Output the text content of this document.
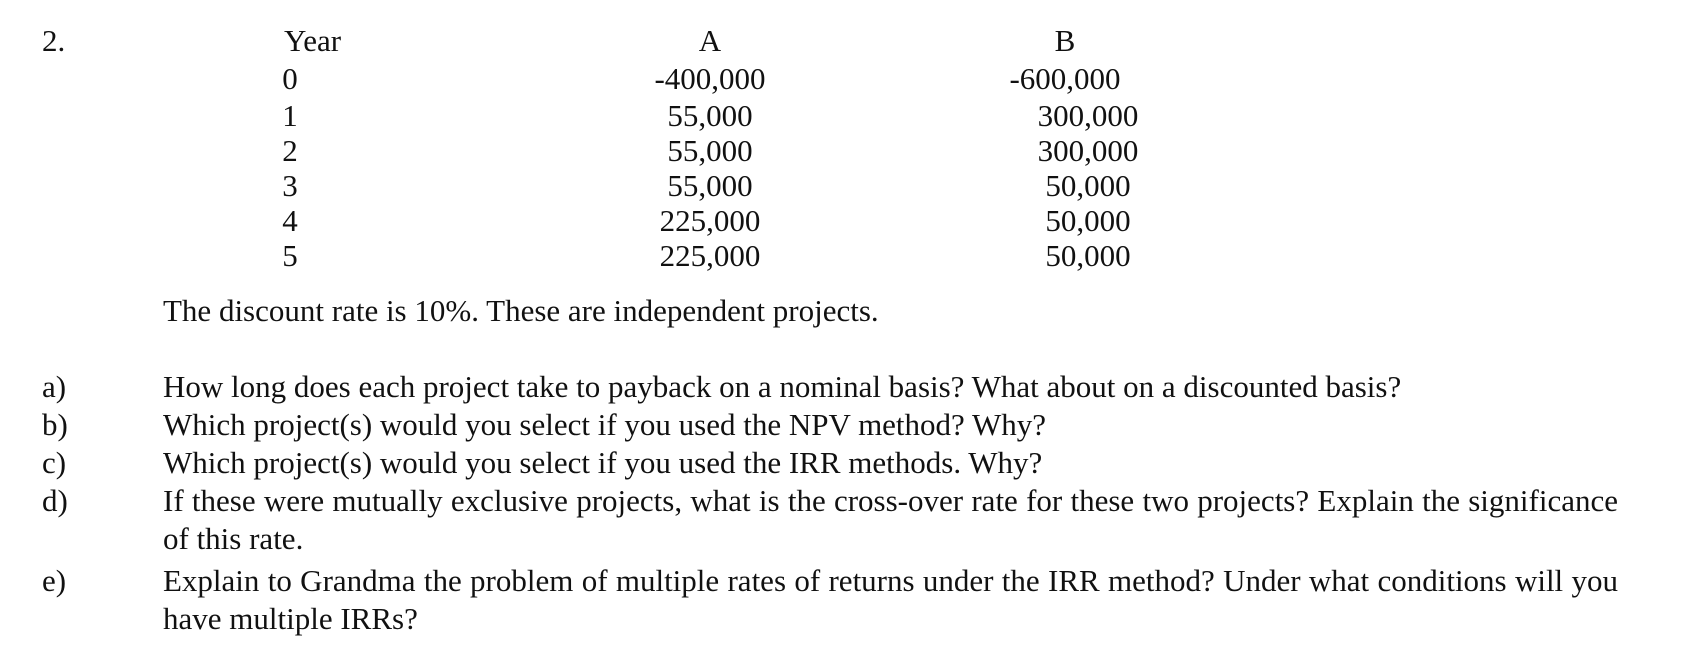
2.	Year	A	B
0	-400,000	-600,000
1	55,000	300,000
2	55,000	300,000
3	55,000	50,000
4	225,000	50,000
5	225,000	50,000
The discount rate is 10%. These are independent projects.
a)	How long does each project take to payback on a nominal basis? What about on a discounted basis?
b)	Which project(s) would you select if you used the NPV method? Why?
c)	Which project(s) would you select if you used the IRR methods. Why?
d)	If these were mutually exclusive projects, what is the cross-over rate for these two projects? Explain the significance of this rate.
e)	Explain to Grandma the problem of multiple rates of returns under the IRR method? Under what conditions will you have multiple IRRs?
